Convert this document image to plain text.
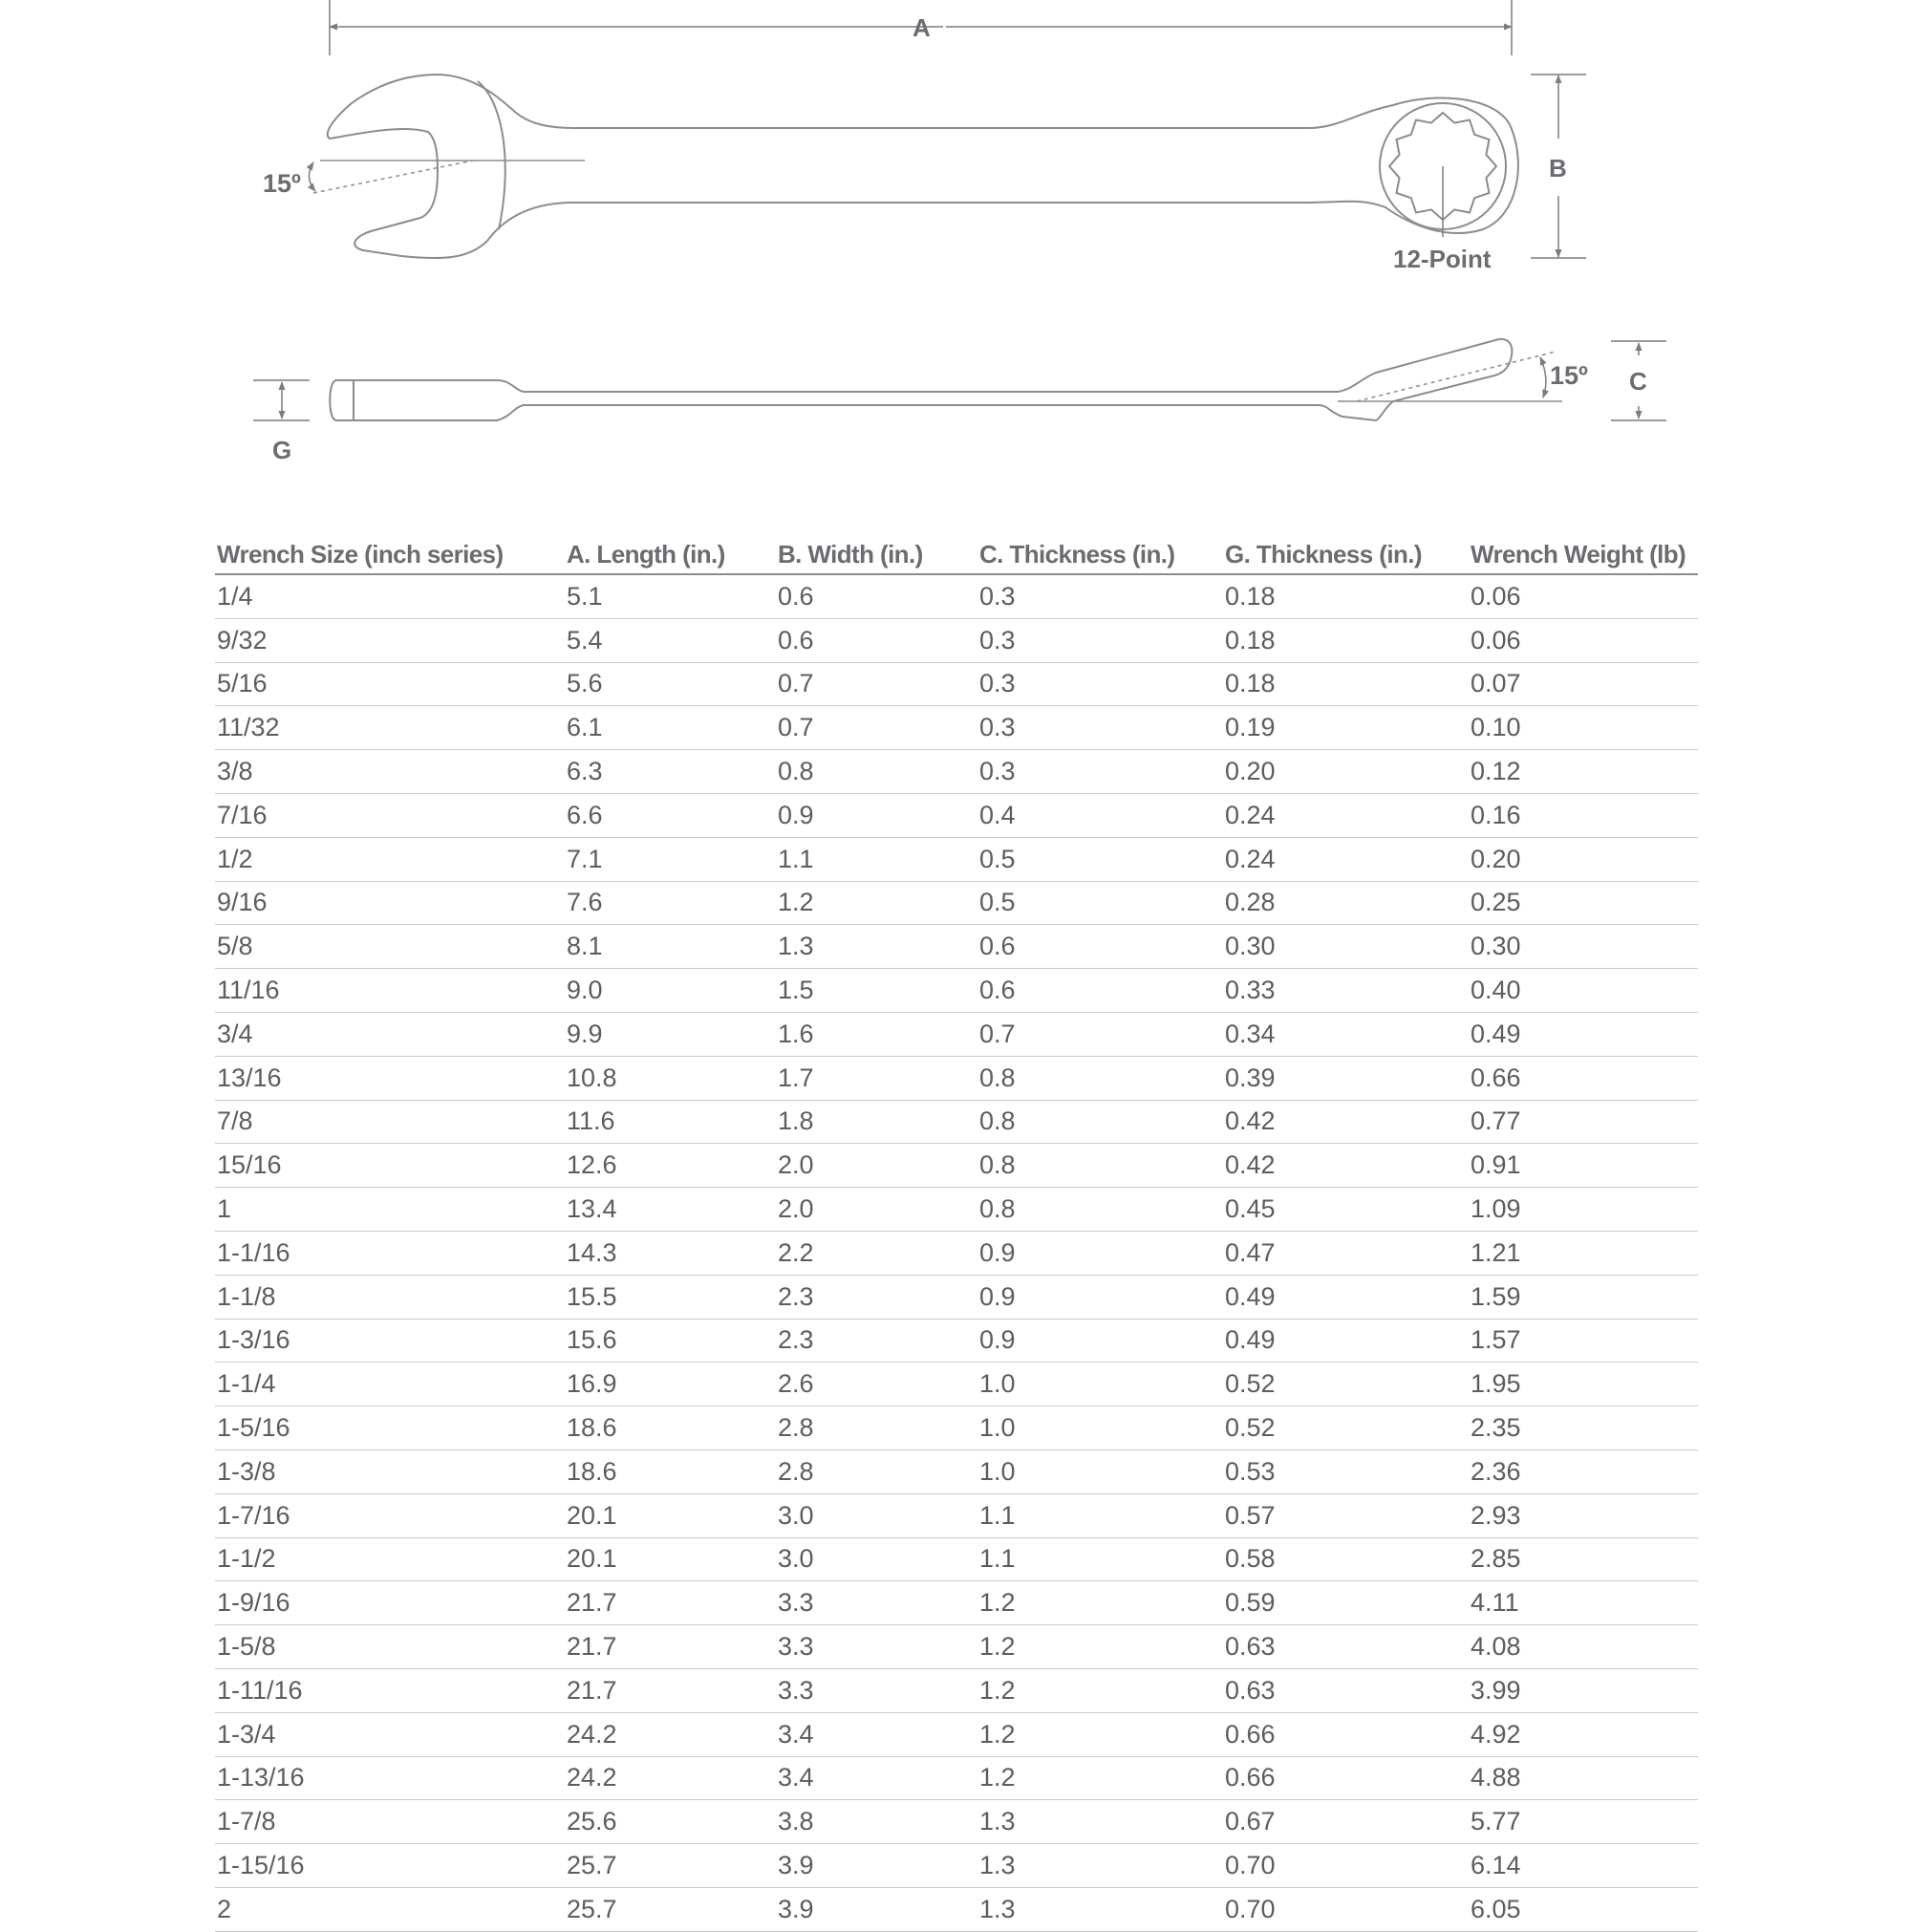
15º
12-Point
A
B
15º C
G
Wrench Size (inch series)	A. Length (in.)	B. Width (in.)	C. Thickness (in.)	G. Thickness (in.)	Wrench Weight (lb)
1/4	5.1	0.6	0.3	0.18	0.06
9/32	5.4	0.6	0.3	0.18	0.06
5/16	5.6	0.7	0.3	0.18	0.07
11/32	6.1	0.7	0.3	0.19	0.10
3/8	6.3	0.8	0.3	0.20	0.12
7/16	6.6	0.9	0.4	0.24	0.16
1/2	7.1	1.1	0.5	0.24	0.20
9/16	7.6	1.2	0.5	0.28	0.25
5/8	8.1	1.3	0.6	0.30	0.30
11/16	9.0	1.5	0.6	0.33	0.40
3/4	9.9	1.6	0.7	0.34	0.49
13/16	10.8	1.7	0.8	0.39	0.66
7/8	11.6	1.8	0.8	0.42	0.77
15/16	12.6	2.0	0.8	0.42	0.91
1	13.4	2.0	0.8	0.45	1.09
1-1/16	14.3	2.2	0.9	0.47	1.21
1-1/8	15.5	2.3	0.9	0.49	1.59
1-3/16	15.6	2.3	0.9	0.49	1.57
1-1/4	16.9	2.6	1.0	0.52	1.95
1-5/16	18.6	2.8	1.0	0.52	2.35
1-3/8	18.6	2.8	1.0	0.53	2.36
1-7/16	20.1	3.0	1.1	0.57	2.93
1-1/2	20.1	3.0	1.1	0.58	2.85
1-9/16	21.7	3.3	1.2	0.59	4.11
1-5/8	21.7	3.3	1.2	0.63	4.08
1-11/16	21.7	3.3	1.2	0.63	3.99
1-3/4	24.2	3.4	1.2	0.66	4.92
1-13/16	24.2	3.4	1.2	0.66	4.88
1-7/8	25.6	3.8	1.3	0.67	5.77
1-15/16	25.7	3.9	1.3	0.70	6.14
2	25.7	3.9	1.3	0.70	6.05
